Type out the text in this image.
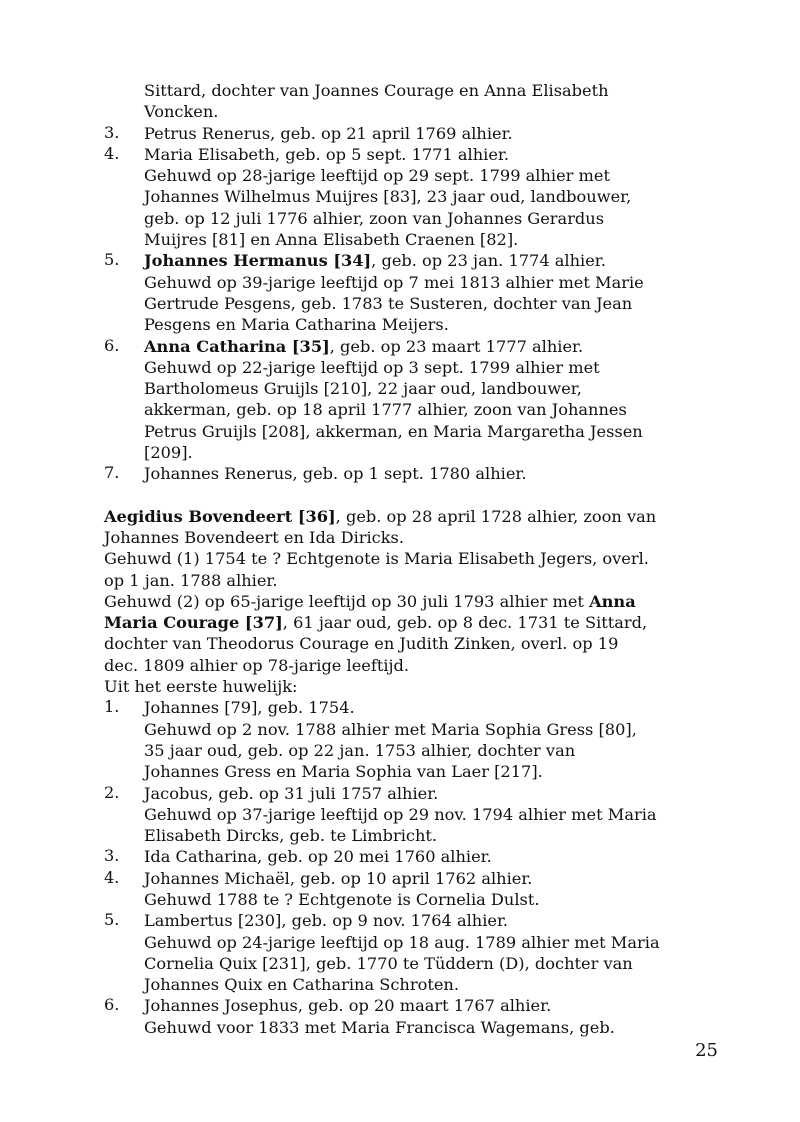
Sittard, dochter van Joannes Courage en Anna Elisabeth
Voncken.
3. Petrus Renerus, geb. op 21 april 1769 alhier.
4. Maria Elisabeth, geb. op 5 sept. 1771 alhier.
Gehuwd op 28-jarige leeftijd op 29 sept. 1799 alhier met
Johannes Wilhelmus Muijres [83], 23 jaar oud, landbouwer,
geb. op 12 juli 1776 alhier, zoon van Johannes Gerardus
Muijres [81] en Anna Elisabeth Craenen [82].
5. Johannes Hermanus [34], geb. op 23 jan. 1774 alhier.
Gehuwd op 39-jarige leeftijd op 7 mei 1813 alhier met Marie
Gertrude Pesgens, geb. 1783 te Susteren, dochter van Jean
Pesgens en Maria Catharina Meijers.
6. Anna Catharina [35], geb. op 23 maart 1777 alhier.
Gehuwd op 22-jarige leeftijd op 3 sept. 1799 alhier met
Bartholomeus Gruijls [210], 22 jaar oud, landbouwer,
akkerman, geb. op 18 april 1777 alhier, zoon van Johannes
Petrus Gruijls [208], akkerman, en Maria Margaretha Jessen
[209].
7. Johannes Renerus, geb. op 1 sept. 1780 alhier.
Aegidius Bovendeert [36], geb. op 28 april 1728 alhier, zoon van
Johannes Bovendeert en Ida Diricks.
Gehuwd (1) 1754 te ? Echtgenote is Maria Elisabeth Jegers, overl.
op 1 jan. 1788 alhier.
Gehuwd (2) op 65-jarige leeftijd op 30 juli 1793 alhier met Anna
Maria Courage [37], 61 jaar oud, geb. op 8 dec. 1731 te Sittard,
dochter van Theodorus Courage en Judith Zinken, overl. op 19
dec. 1809 alhier op 78-jarige leeftijd.
Uit het eerste huwelijk:
1. Johannes [79], geb. 1754.
Gehuwd op 2 nov. 1788 alhier met Maria Sophia Gress [80],
35 jaar oud, geb. op 22 jan. 1753 alhier, dochter van
Johannes Gress en Maria Sophia van Laer [217].
2. Jacobus, geb. op 31 juli 1757 alhier.
Gehuwd op 37-jarige leeftijd op 29 nov. 1794 alhier met Maria
Elisabeth Dircks, geb. te Limbricht.
3. Ida Catharina, geb. op 20 mei 1760 alhier.
4. Johannes Michaël, geb. op 10 april 1762 alhier.
Gehuwd 1788 te ? Echtgenote is Cornelia Dulst.
5. Lambertus [230], geb. op 9 nov. 1764 alhier.
Gehuwd op 24-jarige leeftijd op 18 aug. 1789 alhier met Maria
Cornelia Quix [231], geb. 1770 te Tüddern (D), dochter van
Johannes Quix en Catharina Schroten.
6. Johannes Josephus, geb. op 20 maart 1767 alhier.
Gehuwd voor 1833 met Maria Francisca Wagemans, geb.
25
